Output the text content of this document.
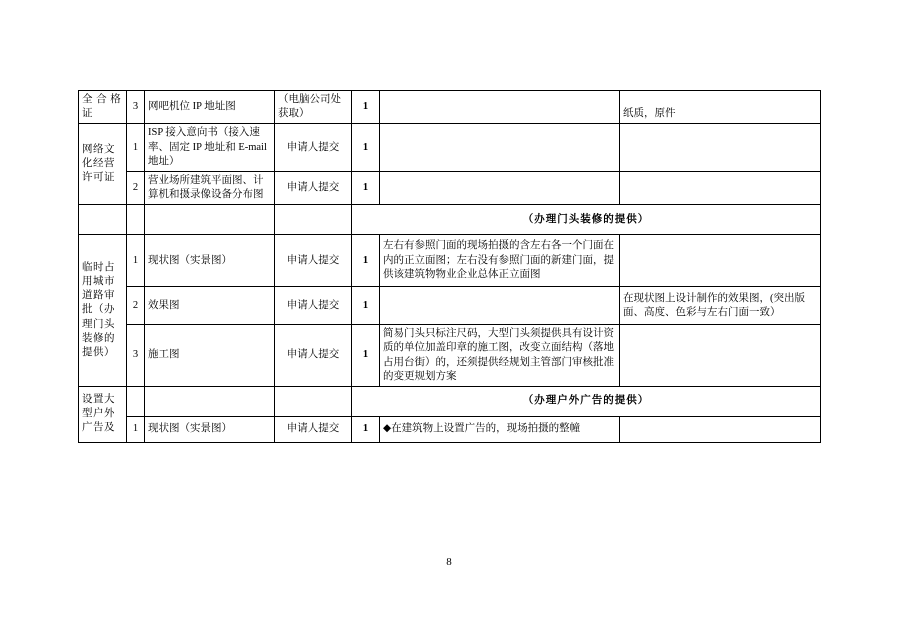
全 合 格 证	3	网吧机位 IP 地址图	（电脑公司处获取）	1		纸质，原件
网络文化经营许可证	1	ISP 接入意向书（接入速率、固定 IP 地址和 E-mail 地址）	申请人提交	1		
	2	营业场所建筑平面图、计算机和摄录像设备分布图	申请人提交	1		
				（办理门头装修的提供）		
临时占用城市道路审批（办理门头装修的提供）	1	现状图（实景图）	申请人提交	1	左右有参照门面的现场拍摄的含左右各一个门面在内的正立面图；左右没有参照门面的新建门面，提供该建筑物物业企业总体正立面图	
	2	效果图	申请人提交	1		在现状图上设计制作的效果图，(突出版面、高度、色彩与左右门面一致）
	3	施工图	申请人提交	1	简易门头只标注尺码，大型门头须提供具有设计资质的单位加盖印章的施工图，改变立面结构（落地占用台街）的，还须提供经规划主管部门审核批准的变更规划方案	
设置大型户外广告及				（办理户外广告的提供）		
	1	现状图（实景图）	申请人提交	1	◆在建筑物上设置广告的，现场拍摄的整幢	
8
